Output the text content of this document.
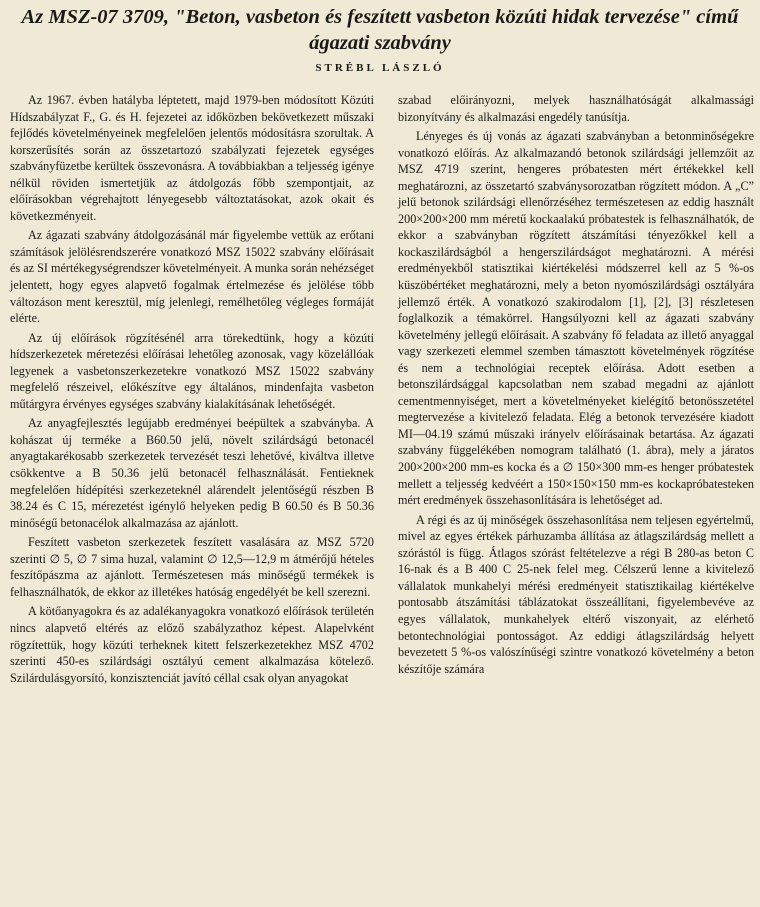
Az MSZ-07 3709, "Beton, vasbeton és feszített vasbeton közúti hidak tervezése" című ágazati szabvány
STRÉBL LÁSZLÓ

Az 1967. évben hatályba léptetett, majd 1979-ben módosított Közúti Hídszabályzat F., G. és H. fejezetei az időközben bekövetkezett műszaki fejlődés követelményeinek megfelelően jelentős módosításra szorultak. A korszerűsítés során az összetartozó szabályzati fejezetek egységes szabványfüzetbe kerültek összevonásra. A továbbiakban a teljesség igénye nélkül röviden ismertetjük az átdolgozás főbb szempontjait, az előírásokban végrehajtott lényegesebb változtatásokat, azok okait és következményeit.

Az ágazati szabvány átdolgozásánál már figyelembe vettük az erőtani számítások jelölésrendszerére vonatkozó MSZ 15022 szabvány előírásait és az SI mértékegységrendszer követelményeit. A munka során nehézséget jelentett, hogy egyes alapvető fogalmak értelmezése és jelölése több változáson ment keresztül, míg jelenlegi, remélhetőleg végleges formáját elérte.

Az új előírások rögzítésénél arra törekedtünk, hogy a közúti hídszerkezetek méretezési előírásai lehetőleg azonosak, vagy közelállóak legyenek a vasbetonszerkezetekre vonatkozó MSZ 15022 szabvány megfelelő részeivel, előkészítve egy általános, mindenfajta vasbeton műtárgyra érvényes egységes szabvány kialakításának lehetőségét.

Az anyagfejlesztés legújabb eredményei beépültek a szabványba. A kohászat új terméke a B60.50 jelű, növelt szilárdságú betonacél anyagtakarékosabb szerkezetek tervezését teszi lehetővé, kiváltva illetve csökkentve a B 50.36 jelű betonacél felhasználását. Fentieknek megfelelően hídépítési szerkezeteknél alárendelt jelentőségű részben B 38.24 és C 15, mérezetést igénylő helyeken pedig B 60.50 és B 50.36 minőségű betonacélok alkalmazása az ajánlott.

Feszített vasbeton szerkezetek feszített vasalására az MSZ 5720 szerinti ∅ 5, ∅ 7 sima huzal, valamint ∅ 12,5—12,9 m átmérőjű hételes feszítőpászma az ajánlott. Természetesen más minőségű termékek is felhasználhatók, de ekkor az illetékes hatóság engedélyét be kell szerezni.

A kötőanyagokra és az adalékanyagokra vonatkozó előírások területén nincs alapvető eltérés az előző szabályzathoz képest. Alapelvként rögzítettük, hogy közúti terheknek kitett felszerkezetekhez MSZ 4702 szerinti 450-es szilárdsági osztályú cement alkalmazása kötelező. Szilárdulásgyorsító, konzisztenciát javító céllal csak olyan anyagokat

szabad előirányozni, melyek használhatóságát alkalmassági bizonyítvány és alkalmazási engedély tanúsítja.

Lényeges és új vonás az ágazati szabványban a betonminőségekre vonatkozó előírás. Az alkalmazandó betonok szilárdsági jellemzőit az MSZ 4719 szerint, hengeres próbatesten mért értékekkel kell meghatározni, az összetartó szabványsorozatban rögzített módon. A „C” jelű betonok szilárdsági ellenőrzéséhez természetesen az eddig használt 200×200×200 mm méretű kockaalakú próbatestek is felhasználhatók, de ekkor a szabványban rögzített átszámítási tényezőkkel kell a kockaszilárdságból a hengerszilárdságot meghatározni. A mérési eredményekből statisztikai kiértékelési módszerrel kell az 5 %-os küszöbértéket meghatározni, mely a beton nyomószilárdsági osztályára jellemző érték. A vonatkozó szakirodalom [1], [2], [3] részletesen foglalkozik a témakörrel. Hangsúlyozni kell az ágazati szabvány követelmény jellegű előírásait. A szabvány fő feladata az illető anyaggal vagy szerkezeti elemmel szemben támasztott követelmények rögzítése és nem a technológiai receptek előírása. Adott esetben a betonszilárdsággal kapcsolatban nem szabad megadni az ajánlott cementmennyiséget, mert a követelményeket kielégítő betonösszetétel megtervezése a kivitelező feladata. Elég a betonok tervezésére kiadott MI—04.19 számú műszaki irányelv előírásainak betartása. Az ágazati szabvány függelékében nomogram található (1. ábra), mely a járatos 200×200×200 mm-es kocka és a ∅ 150×300 mm-es henger próbatestek mellett a teljesség kedvéért a 150×150×150 mm-es kockapróbatesteken mért eredmények összehasonlítására is lehetőséget ad.

A régi és az új minőségek összehasonlítása nem teljesen egyértelmű, mivel az egyes értékek párhuzamba állítása az átlagszilárdság mellett a szórástól is függ. Átlagos szórást feltételezve a régi B 280-as beton C 16-nak és a B 400 C 25-nek felel meg. Célszerű lenne a kivitelező vállalatok munkahelyi mérési eredményeit statisztikailag kiértékelve pontosabb átszámítási táblázatokat összeállítani, figyelembevéve az egyes vállalatok, munkahelyek eltérő viszonyait, az elérhető betontechnológiai pontosságot. Az eddigi átlagszilárdság helyett bevezetett 5 %-os valószínűségi szintre vonatkozó követelmény a beton készítője számára
